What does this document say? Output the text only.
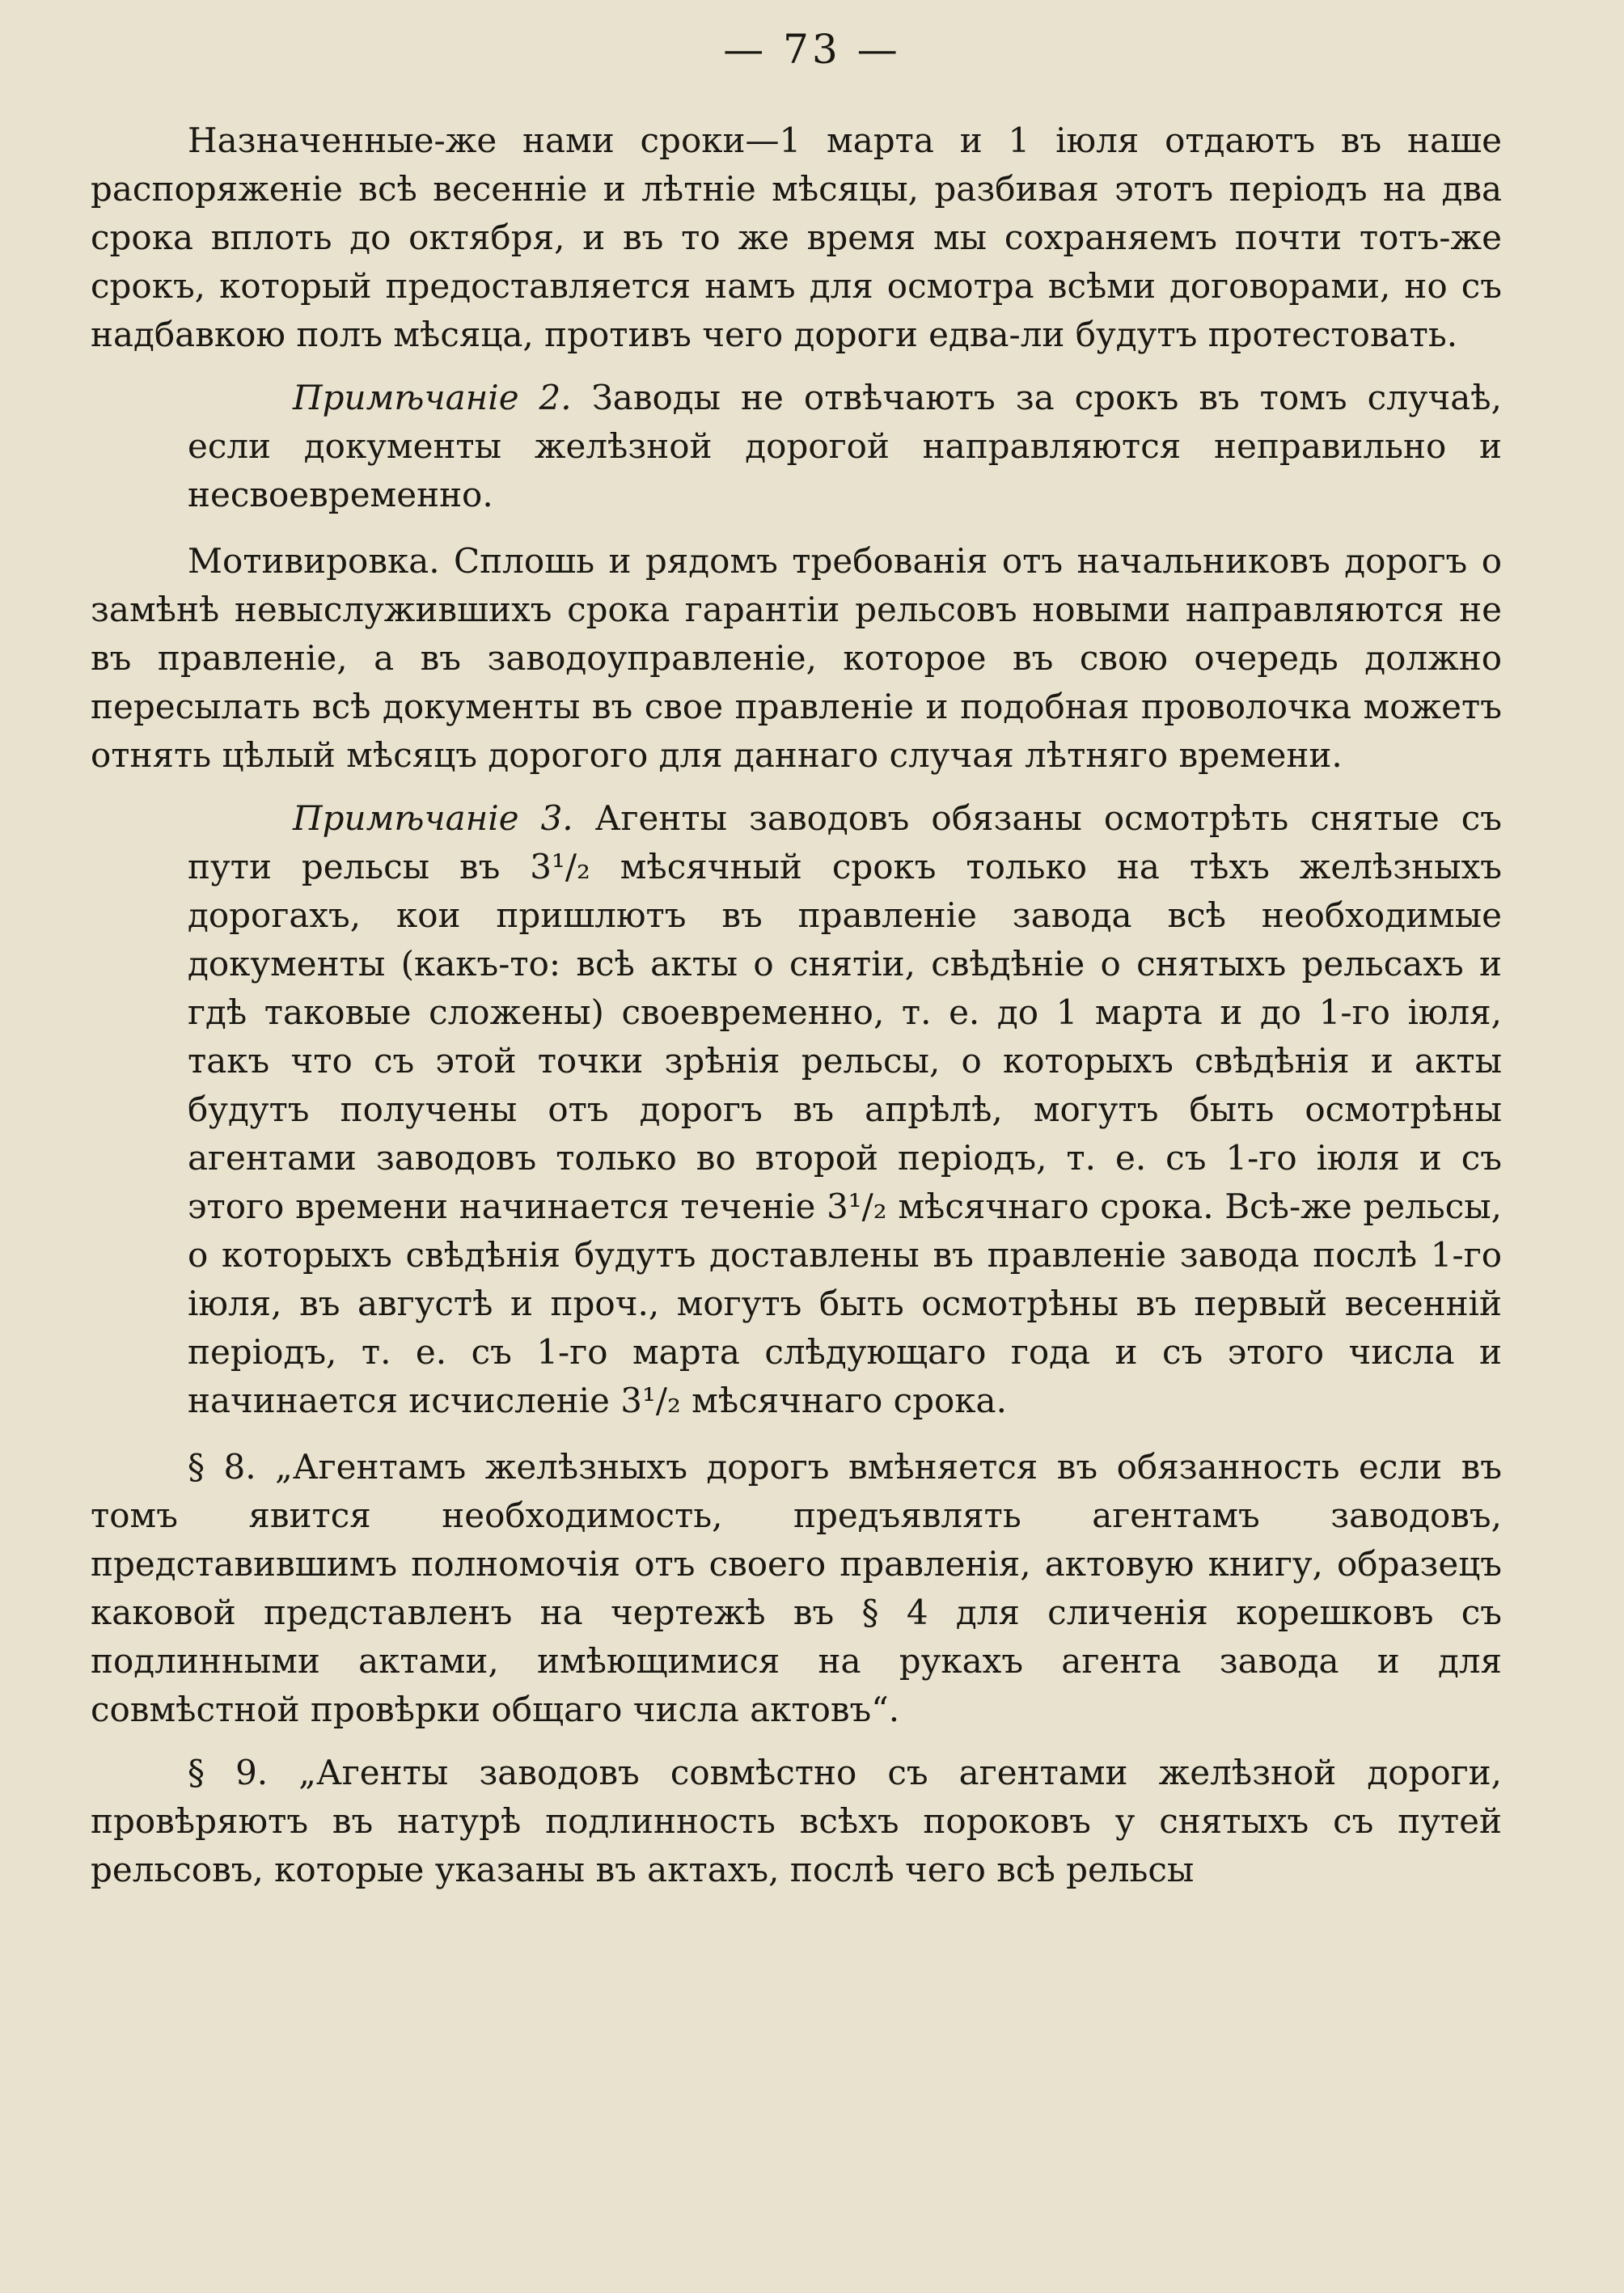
— 73 —

Назначенные-же нами сроки—1 марта и 1 іюля отдаютъ въ наше распоряженіе всѣ весенніе и лѣтніе мѣсяцы, разбивая этотъ періодъ на два срока вплоть до октября, и въ то же время мы сохраняемъ почти тотъ-же срокъ, который предоставляется намъ для осмотра всѣми договорами, но съ надбавкою полъ мѣсяца, противъ чего дороги едва-ли будутъ протестовать.

Примѣчаніе 2. Заводы не отвѣчаютъ за срокъ въ томъ случаѣ, если документы желѣзной дорогой направляются неправильно и несвоевременно.

Мотивировка. Сплошь и рядомъ требованія отъ начальниковъ дорогъ о замѣнѣ невыслужившихъ срока гарантіи рельсовъ новыми направляются не въ правленіе, а въ заводоуправленіе, которое въ свою очередь должно пересылать всѣ документы въ свое правленіе и подобная проволочка можетъ отнять цѣлый мѣсяцъ дорогого для даннаго случая лѣтняго времени.

Примѣчаніе 3. Агенты заводовъ обязаны осмотрѣть снятые съ пути рельсы въ 3¹/₂ мѣсячный срокъ только на тѣхъ желѣзныхъ дорогахъ, кои пришлютъ въ правленіе завода всѣ необходимые документы (какъ-то: всѣ акты о снятіи, свѣдѣніе о снятыхъ рельсахъ и гдѣ таковые сложены) своевременно, т. е. до 1 марта и до 1-го іюля, такъ что съ этой точки зрѣнія рельсы, о которыхъ свѣдѣнія и акты будутъ получены отъ дорогъ въ апрѣлѣ, могутъ быть осмотрѣны агентами заводовъ только во второй періодъ, т. е. съ 1-го іюля и съ этого времени начинается теченіе 3¹/₂ мѣсячнаго срока. Всѣ-же рельсы, о которыхъ свѣдѣнія будутъ доставлены въ правленіе завода послѣ 1-го іюля, въ августѣ и проч., могутъ быть осмотрѣны въ первый весенній періодъ, т. е. съ 1-го марта слѣдующаго года и съ этого числа и начинается исчисленіе 3¹/₂ мѣсячнаго срока.

§ 8. „Агентамъ желѣзныхъ дорогъ вмѣняется въ обязанность если въ томъ явится необходимость, предъявлять агентамъ заводовъ, представившимъ полномочія отъ своего правленія, актовую книгу, образецъ каковой представленъ на чертежѣ въ § 4 для сличенія корешковъ съ подлинными актами, имѣющимися на рукахъ агента завода и для совмѣстной провѣрки общаго числа актовъ“.

§ 9. „Агенты заводовъ совмѣстно съ агентами желѣзной дороги, провѣряютъ въ натурѣ подлинность всѣхъ пороковъ у снятыхъ съ путей рельсовъ, которые указаны въ актахъ, послѣ чего всѣ рельсы
